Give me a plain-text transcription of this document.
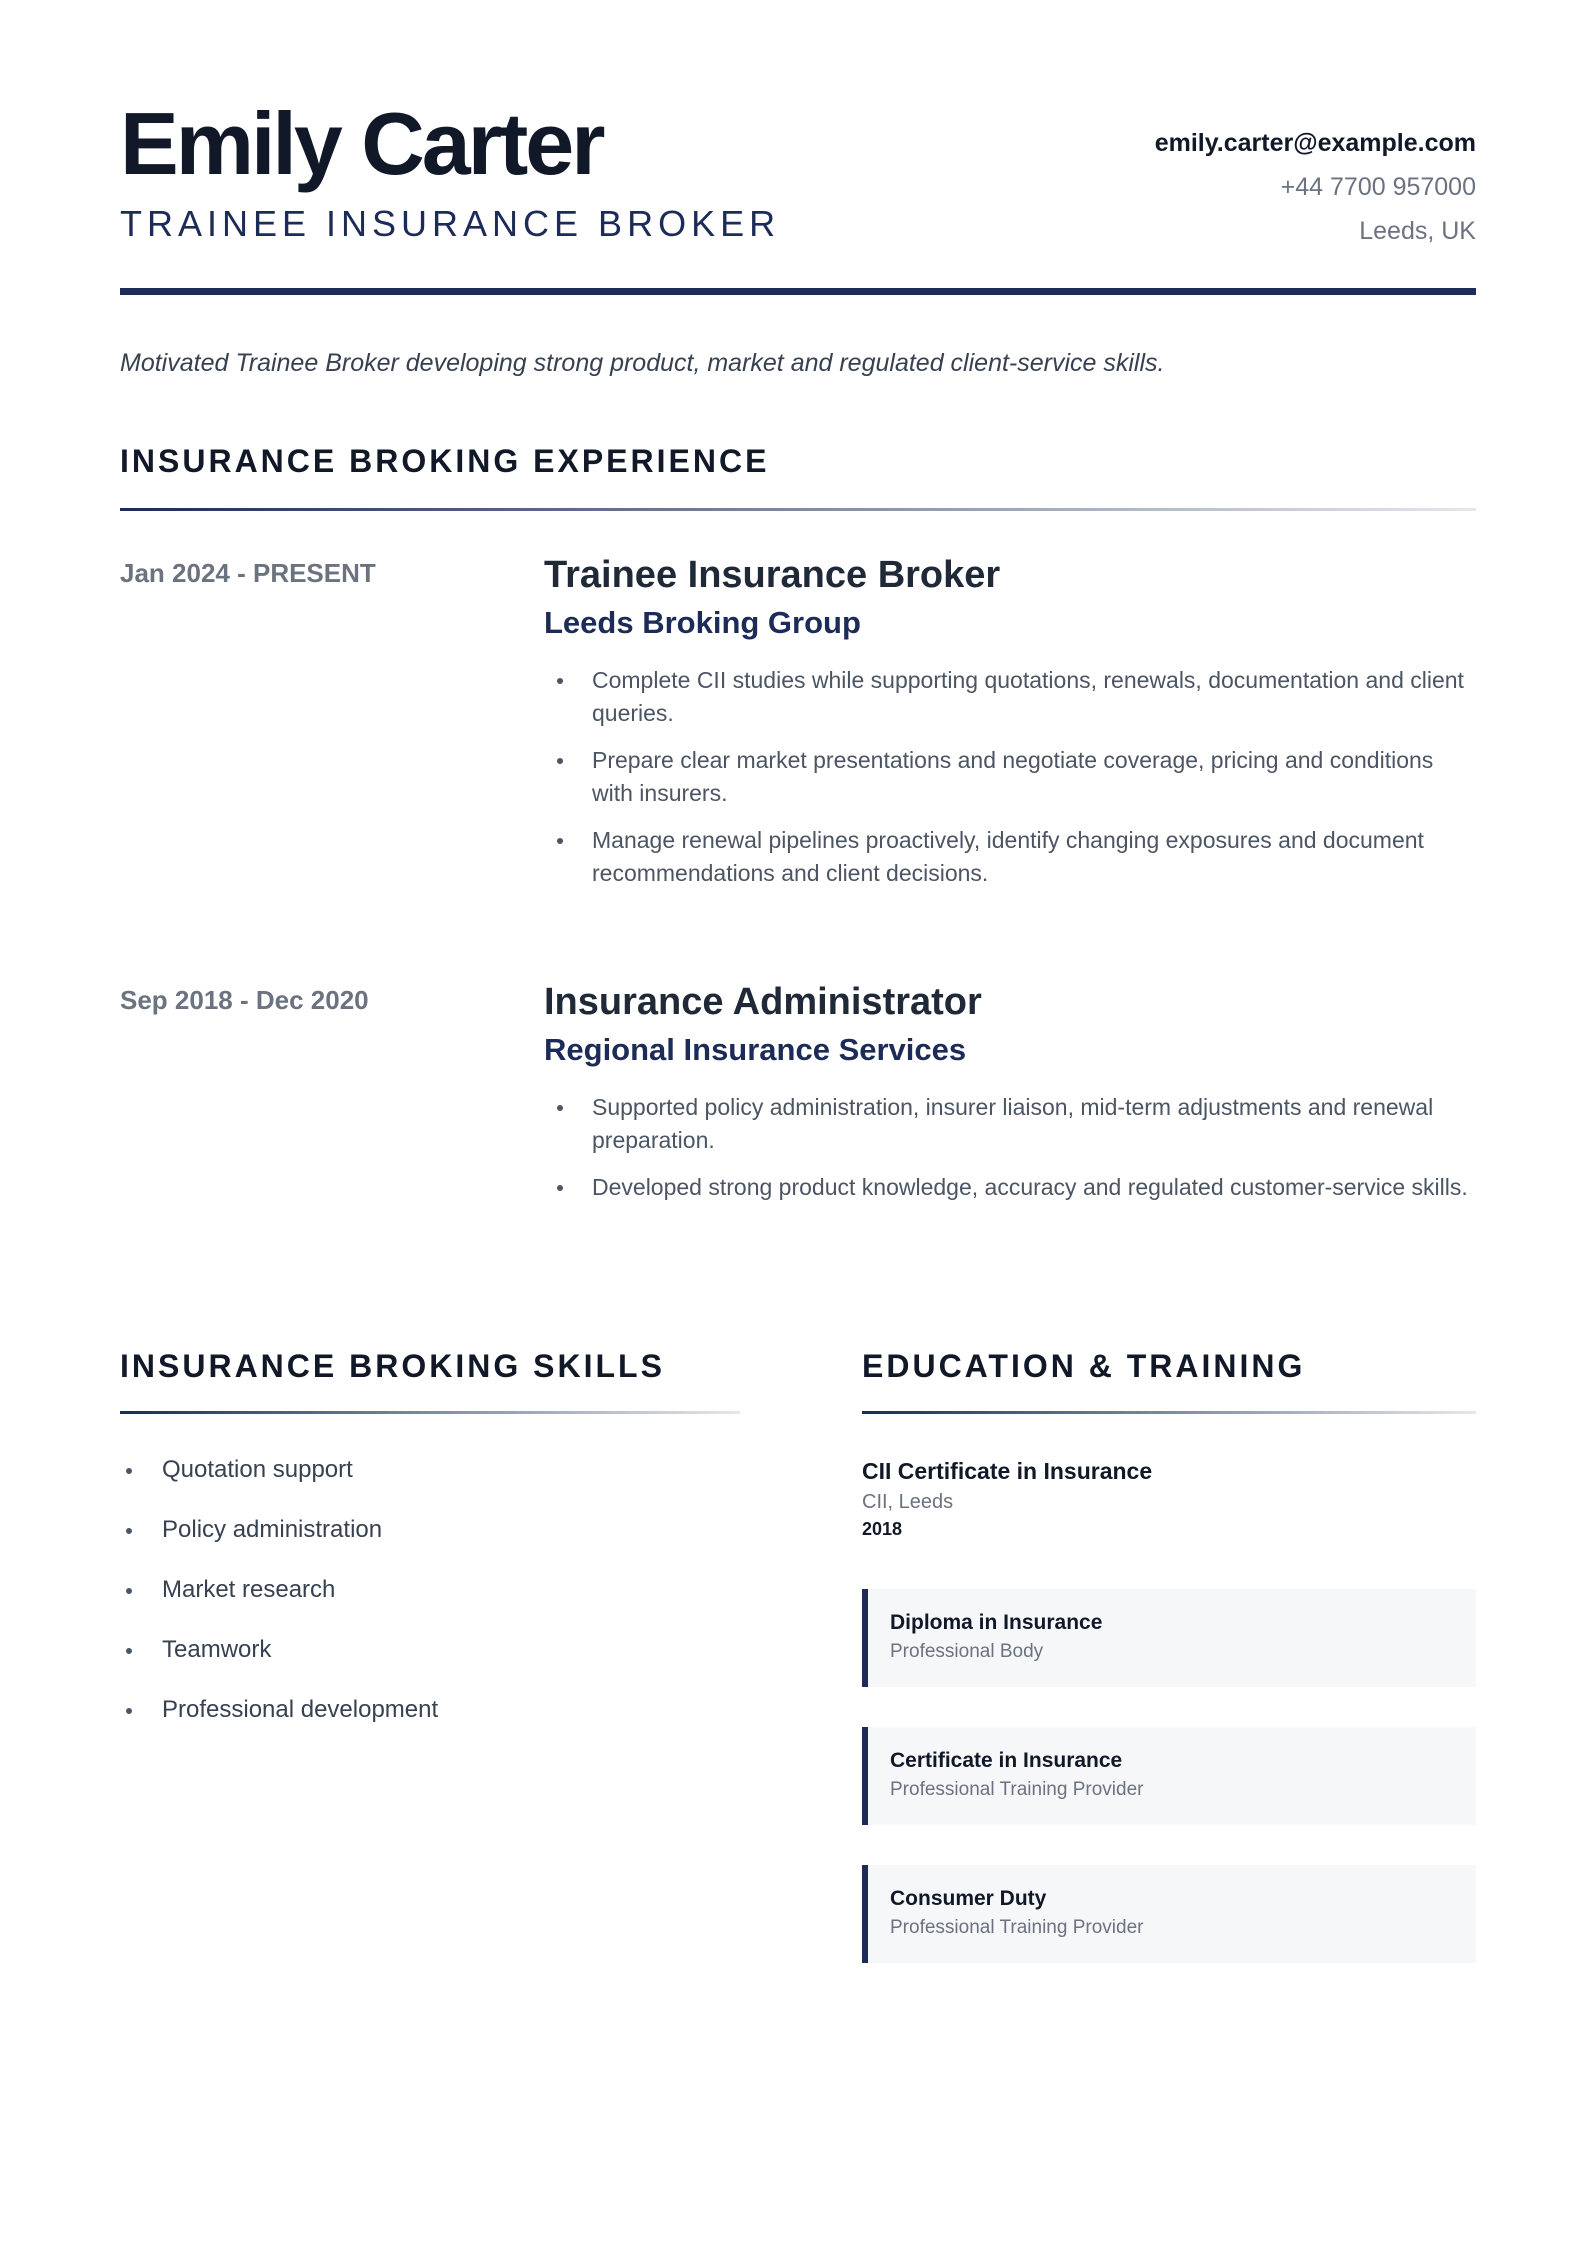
Emily Carter
TRAINEE INSURANCE BROKER
emily.carter@example.com
+44 7700 957000
Leeds, UK
Motivated Trainee Broker developing strong product, market and regulated client-service skills.
INSURANCE BROKING EXPERIENCE
Jan 2024 - PRESENT	Trainee Insurance Broker
Leeds Broking Group
Complete CII studies while supporting quotations, renewals, documentation and client queries.
Prepare clear market presentations and negotiate coverage, pricing and conditions with insurers.
Manage renewal pipelines proactively, identify changing exposures and document recommendations and client decisions.
Sep 2018 - Dec 2020	Insurance Administrator
Regional Insurance Services
Supported policy administration, insurer liaison, mid-term adjustments and renewal preparation.
Developed strong product knowledge, accuracy and regulated customer-service skills.
INSURANCE BROKING SKILLS
Quotation support
Policy administration
Market research
Teamwork
Professional development
EDUCATION & TRAINING
CII Certificate in Insurance
CII, Leeds
2018
Diploma in Insurance
Professional Body
Certificate in Insurance
Professional Training Provider
Consumer Duty
Professional Training Provider
